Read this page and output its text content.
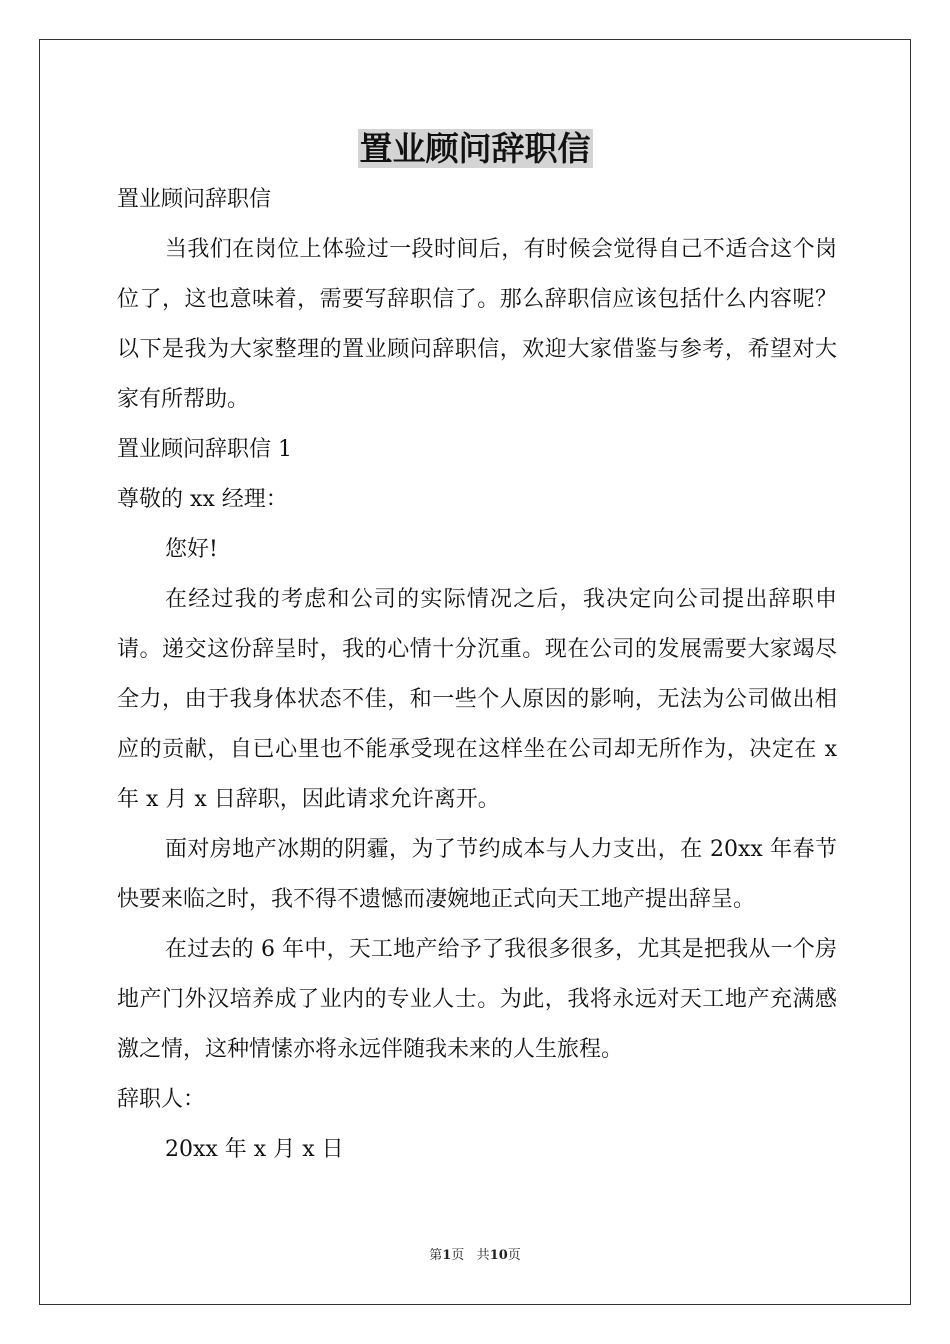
置业顾问辞职信

置业顾问辞职信

当我们在岗位上体验过一段时间后，有时候会觉得自己不适合这个岗位了，这也意味着，需要写辞职信了。那么辞职信应该包括什么内容呢？以下是我为大家整理的置业顾问辞职信，欢迎大家借鉴与参考，希望对大家有所帮助。

置业顾问辞职信 1

尊敬的 xx 经理：

您好!

在经过我的考虑和公司的实际情况之后，我决定向公司提出辞职申请。递交这份辞呈时，我的心情十分沉重。现在公司的发展需要大家竭尽全力，由于我身体状态不佳，和一些个人原因的影响，无法为公司做出相应的贡献，自已心里也不能承受现在这样坐在公司却无所作为，决定在 x 年 x 月 x 日辞职，因此请求允许离开。

面对房地产冰期的阴霾，为了节约成本与人力支出，在 20xx 年春节快要来临之时，我不得不遗憾而凄婉地正式向天工地产提出辞呈。

在过去的 6 年中，天工地产给予了我很多很多，尤其是把我从一个房地产门外汉培养成了业内的专业人士。为此，我将永远对天工地产充满感激之情，这种情愫亦将永远伴随我未来的人生旅程。

辞职人：

20xx 年 x 月 x 日

第1页 共10页
